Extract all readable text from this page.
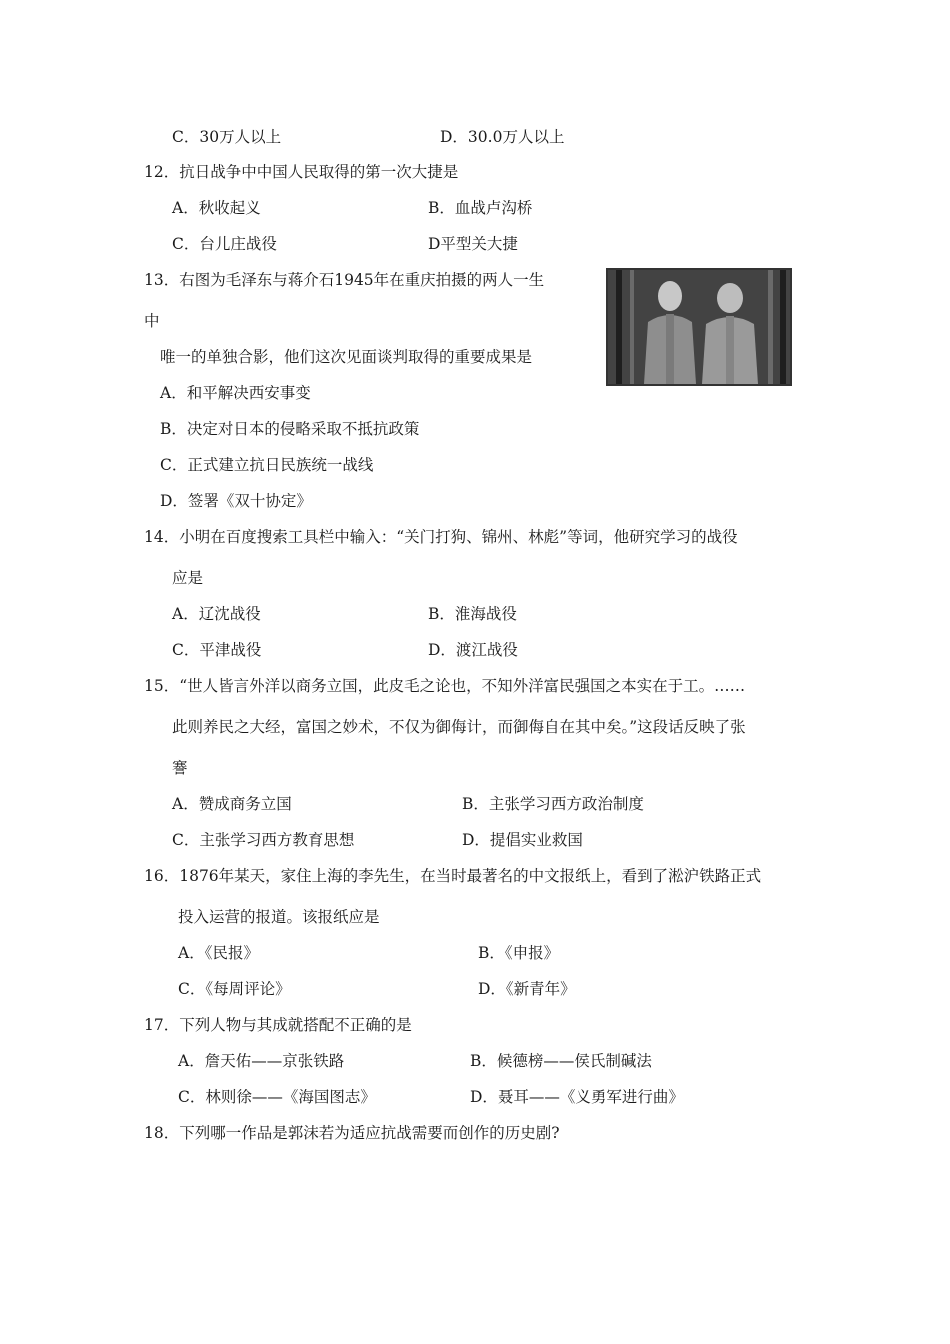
C．30万人以上	D．30.0万人以上
12．抗日战争中中国人民取得的第一次大捷是
A．秋收起义	B．血战卢沟桥
C．台儿庄战役	D平型关大捷
13．右图为毛泽东与蒋介石1945年在重庆拍摄的两人一生
中
唯一的单独合影，他们这次见面谈判取得的重要成果是
A．和平解决西安事变
B．决定对日本的侵略采取不抵抗政策
C．正式建立抗日民族统一战线
D．签署《双十协定》
14．小明在百度搜索工具栏中输入：“关门打狗、锦州、林彪”等词，他研究学习的战役
应是
A．辽沈战役	B．淮海战役
C．平津战役	D．渡江战役
15．“世人皆言外洋以商务立国，此皮毛之论也，不知外洋富民强国之本实在于工。……
此则养民之大经，富国之妙术，不仅为御侮计，而御侮自在其中矣。”这段话反映了张
謇
A．赞成商务立国	B．主张学习西方政治制度
C．主张学习西方教育思想	D．提倡实业救国
16．1876年某天，家住上海的李先生，在当时最著名的中文报纸上，看到了淞沪铁路正式
投入运营的报道。该报纸应是
A．《民报》	B．《申报》
C．《每周评论》	D．《新青年》
17．下列人物与其成就搭配不正确的是
A．詹天佑——京张铁路	B．候德榜——侯氏制碱法
C．林则徐——《海国图志》	D．聂耳——《义勇军进行曲》
18．下列哪一作品是郭沫若为适应抗战需要而创作的历史剧?
